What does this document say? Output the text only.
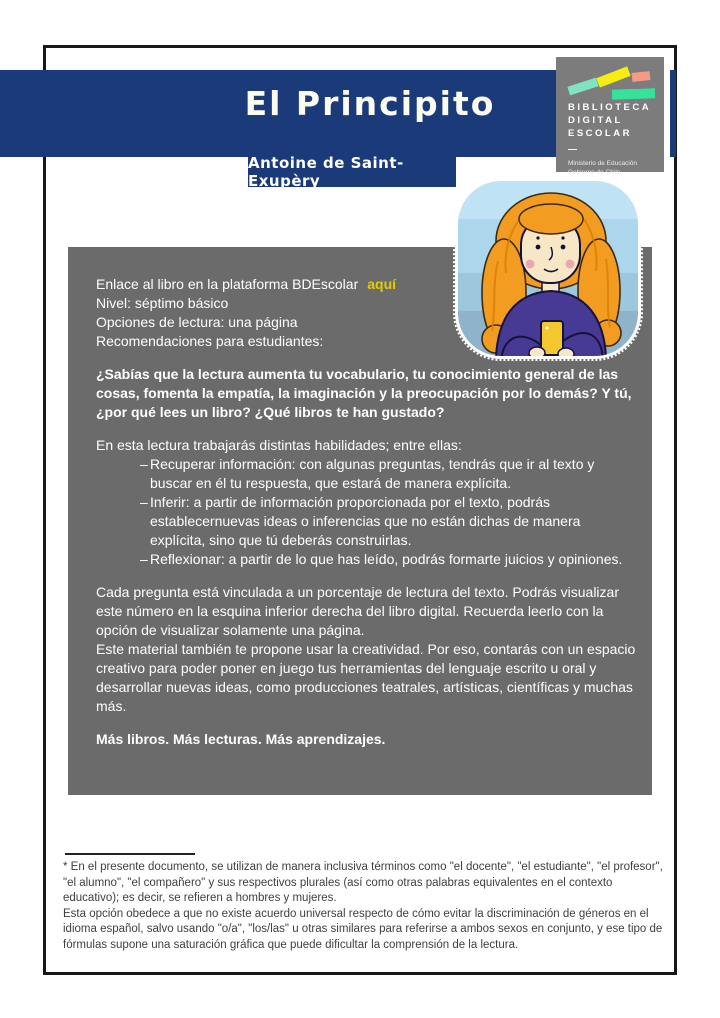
El Principito
Antoine de Saint-Exupèry
BIBLIOTECA
DIGITAL
ESCOLAR
—
Ministerio de Educación
Gobierno de Chile

Enlace al libro en la plataforma BDEscolar aquí

Nivel: séptimo básico

Opciones de lectura: una página

Recomendaciones para estudiantes:

¿Sabías que la lectura aumenta tu vocabulario, tu conocimiento general de las cosas, fomenta la empatía, la imaginación y la preocupación por lo demás? Y tú, ¿por qué lees un libro? ¿Qué libros te han gustado?

En esta lectura trabajarás distintas habilidades; entre ellas:

– Recuperar información: con algunas preguntas, tendrás que ir al texto y buscar en él tu respuesta, que estará de manera explícita.
– Inferir: a partir de información proporcionada por el texto, podrás establecernuevas ideas o inferencias que no están dichas de manera explícita, sino que tú deberás construirlas.
– Reflexionar: a partir de lo que has leído, podrás formarte juicios y opiniones.

Cada pregunta está vinculada a un porcentaje de lectura del texto. Podrás visualizar este número en la esquina inferior derecha del libro digital. Recuerda leerlo con la opción de visualizar solamente una página.

Este material también te propone usar la creatividad. Por eso, contarás con un espacio creativo para poder poner en juego tus herramientas del lenguaje escrito u oral y desarrollar nuevas ideas, como producciones teatrales, artísticas, científicas y muchas más.

Más libros. Más lecturas. Más aprendizajes.

* En el presente documento, se utilizan de manera inclusiva términos como "el docente", "el estudiante", "el profesor", "el alumno", "el compañero" y sus respectivos plurales (así como otras palabras equivalentes en el contexto educativo); es decir, se refieren a hombres y mujeres.

Esta opción obedece a que no existe acuerdo universal respecto de cómo evitar la discriminación de géneros en el idioma español, salvo usando "o/a", "los/las" u otras similares para referirse a ambos sexos en conjunto, y ese tipo de fórmulas supone una saturación gráfica que puede dificultar la comprensión de la lectura.
